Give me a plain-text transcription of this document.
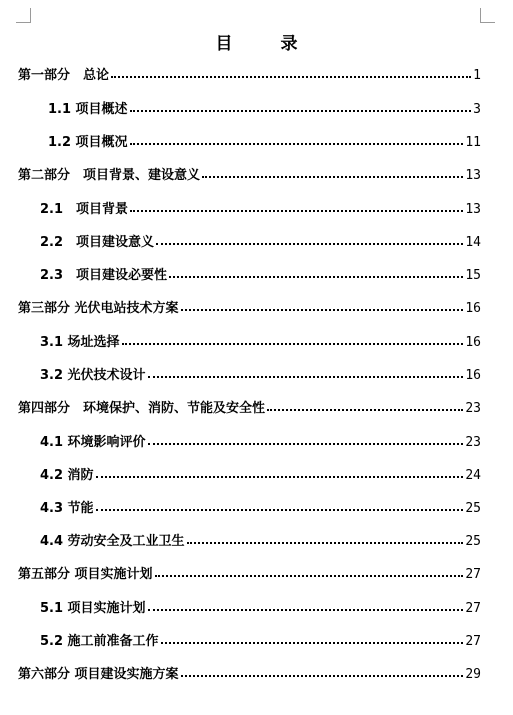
目	录
第一部分　总论	1
1.1 项目概述	3
1.2 项目概况	11
第二部分　项目背景、建设意义	13
2.1　项目背景	13
2.2　项目建设意义	14
2.3　项目建设必要性	15
第三部分 光伏电站技术方案	16
3.1 场址选择	16
3.2 光伏技术设计	16
第四部分　环境保护、消防、节能及安全性	23
4.1 环境影响评价	23
4.2 消防	24
4.3 节能	25
4.4 劳动安全及工业卫生	25
第五部分 项目实施计划	27
5.1 项目实施计划	27
5.2 施工前准备工作	27
第六部分 项目建设实施方案	29
